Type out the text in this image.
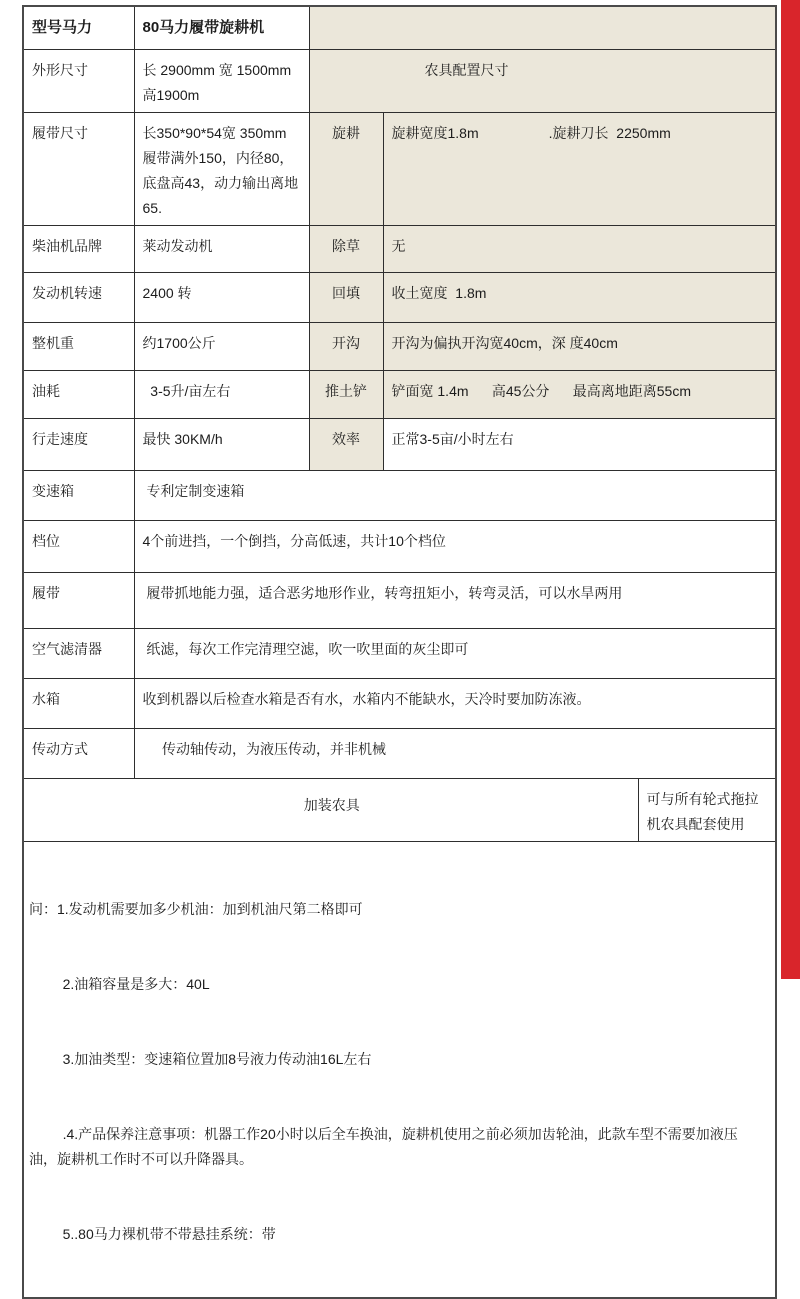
型号马力	80马力履带旋耕机			
外形尺寸	长 2900mm 宽 1500mm 高1900m	农具配置尺寸		
履带尺寸	长350*90*54宽 350mm 履带满外150，内径80，底盘高43，动力输出离地65.	旋耕	旋耕宽度1.8m                  .旋耕刀长  2250mm	
柴油机品牌	莱动发动机	除草	无	
发动机转速	2400 转	回填	收土宽度  1.8m	
整机重	约1700公斤	开沟	开沟为偏执开沟宽40cm，深 度40cm	
油耗	3-5升/亩左右	推土铲	铲面宽 1.4m      高45公分      最高离地距离55cm	
行走速度	最快 30KM/h	效率	正常3-5亩/小时左右	
变速箱	专利定制变速箱			
档位	4个前进挡，一个倒挡，分高低速，共计10个档位			
履带	履带抓地能力强，适合恶劣地形作业，转弯扭矩小，转弯灵活，可以水旱两用			
空气滤清器	纸滤，每次工作完清理空滤，吹一吹里面的灰尘即可			
水箱	收到机器以后检查水箱是否有水，水箱内不能缺水，天冷时要加防冻液。			
传动方式	传动轴传动，为液压传动，并非机械			
加装农具				可与所有轮式拖拉机农具配套使用

问：1.发动机需要加多少机油：加到机油尺第二格即可

2.油箱容量是多大：40L

3.加油类型：变速箱位置加8号液力传动油16L左右

.4.产品保养注意事项：机器工作20小时以后全车换油，旋耕机使用之前必须加齿轮油，此款车型不需要加液压油，旋耕机工作时不可以升降器具。

5..80马力裸机带不带悬挂系统：带				
